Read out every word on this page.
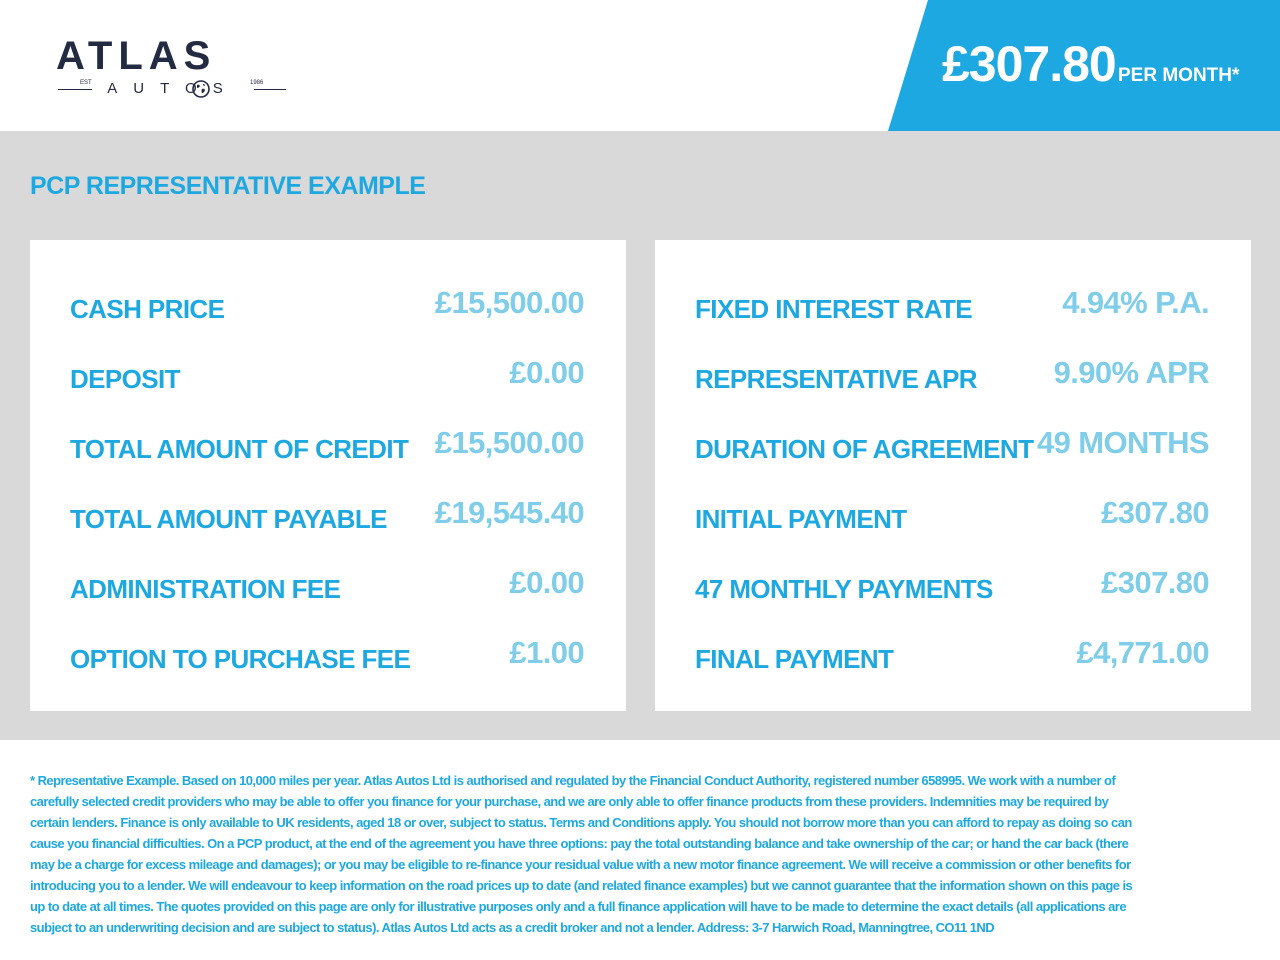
ATLAS
EST	AUTOS	1986	£307.80 PER MONTH*
PCP REPRESENTATIVE EXAMPLE
CASH PRICE	£15,500.00
DEPOSIT	£0.00
TOTAL AMOUNT OF CREDIT £15,500.00
TOTAL AMOUNT PAYABLE £19,545.40
ADMINISTRATION FEE	£0.00
OPTION TO PURCHASE FEE	£1.00
FIXED INTEREST RATE	4.94% P.A.
REPRESENTATIVE APR 9.90% APR
DURATION OF AGREEMENT 49 MONTHS
INITIAL PAYMENT	£307.80
47 MONTHLY PAYMENTS	£307.80
FINAL PAYMENT	£4,771.00
* Representative Example. Based on 10,000 miles per year. Atlas Autos Ltd is authorised and regulated by the Financial Conduct Authority, registered number 658995. We work with a number of carefully selected credit providers who may be able to offer you finance for your purchase, and we are only able to offer finance products from these providers. Indemnities may be required by certain lenders. Finance is only available to UK residents, aged 18 or over, subject to status. Terms and Conditions apply. You should not borrow more than you can afford to repay as doing so can cause you financial difficulties. On a PCP product, at the end of the agreement you have three options: pay the total outstanding balance and take ownership of the car; or hand the car back (there may be a charge for excess mileage and damages); or you may be eligible to re-finance your residual value with a new motor finance agreement. We will receive a commission or other benefits for introducing you to a lender. We will endeavour to keep information on the road prices up to date (and related finance examples) but we cannot guarantee that the information shown on this page is up to date at all times. The quotes provided on this page are only for illustrative purposes only and a full finance application will have to be made to determine the exact details (all applications are subject to an underwriting decision and are subject to status). Atlas Autos Ltd acts as a credit broker and not a lender. Address: 3-7 Harwich Road, Manningtree, CO11 1ND
